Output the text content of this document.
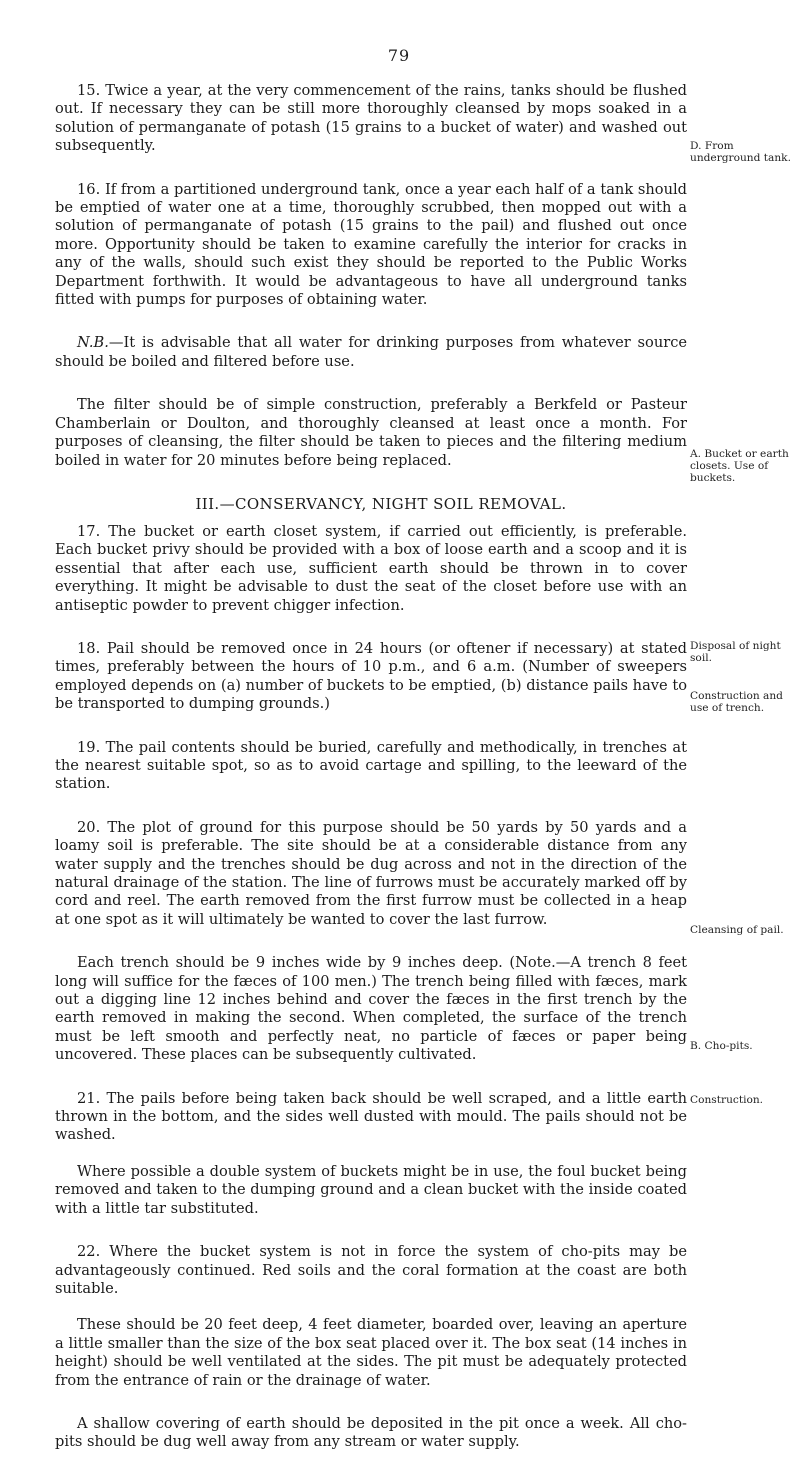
79

15. Twice a year, at the very commencement of the rains, tanks should be flushed out. If necessary they can be still more thoroughly cleansed by mops soaked in a solution of permanganate of potash (15 grains to a bucket of water) and washed out subsequently.

16. If from a partitioned underground tank, once a year each half of a tank should be emptied of water one at a time, thoroughly scrubbed, then mopped out with a solution of permanganate of potash (15 grains to the pail) and flushed out once more. Opportunity should be taken to examine carefully the interior for cracks in any of the walls, should such exist they should be reported to the Public Works Department forthwith. It would be advantageous to have all underground tanks fitted with pumps for purposes of obtaining water.

N.B.—It is advisable that all water for drinking purposes from whatever source should be boiled and filtered before use.

The filter should be of simple construction, preferably a Berkfeld or Pasteur Chamberlain or Doulton, and thoroughly cleansed at least once a month. For purposes of cleansing, the filter should be taken to pieces and the filtering medium boiled in water for 20 minutes before being replaced.

III.—CONSERVANCY, NIGHT SOIL REMOVAL.

17. The bucket or earth closet system, if carried out efficiently, is preferable. Each bucket privy should be provided with a box of loose earth and a scoop and it is essential that after each use, sufficient earth should be thrown in to cover everything. It might be advisable to dust the seat of the closet before use with an antiseptic powder to prevent chigger infection.

18. Pail should be removed once in 24 hours (or oftener if necessary) at stated times, preferably between the hours of 10 p.m., and 6 a.m. (Number of sweepers employed depends on (a) number of buckets to be emptied, (b) distance pails have to be transported to dumping grounds.)

19. The pail contents should be buried, carefully and methodically, in trenches at the nearest suitable spot, so as to avoid cartage and spilling, to the leeward of the station.

20. The plot of ground for this purpose should be 50 yards by 50 yards and a loamy soil is preferable. The site should be at a considerable distance from any water supply and the trenches should be dug across and not in the direction of the natural drainage of the station. The line of furrows must be accurately marked off by cord and reel. The earth removed from the first furrow must be collected in a heap at one spot as it will ultimately be wanted to cover the last furrow.

Each trench should be 9 inches wide by 9 inches deep. (Note.—A trench 8 feet long will suffice for the fæces of 100 men.) The trench being filled with fæces, mark out a digging line 12 inches behind and cover the fæces in the first trench by the earth removed in making the second. When completed, the surface of the trench must be left smooth and perfectly neat, no particle of fæces or paper being uncovered. These places can be subsequently cultivated.

21. The pails before being taken back should be well scraped, and a little earth thrown in the bottom, and the sides well dusted with mould. The pails should not be washed.

Where possible a double system of buckets might be in use, the foul bucket being removed and taken to the dumping ground and a clean bucket with the inside coated with a little tar substituted.

22. Where the bucket system is not in force the system of cho-pits may be advantageously continued. Red soils and the coral formation at the coast are both suitable.

These should be 20 feet deep, 4 feet diameter, boarded over, leaving an aperture a little smaller than the size of the box seat placed over it. The box seat (14 inches in height) should be well ventilated at the sides. The pit must be adequately protected from the entrance of rain or the drainage of water.

A shallow covering of earth should be deposited in the pit once a week. All cho-pits should be dug well away from any stream or water supply.

D. From underground tank.
A. Bucket or earth closets. Use of buckets.
Disposal of night soil.
Construction and use of trench.
Cleansing of pail.
B. Cho-pits.
Construction.
